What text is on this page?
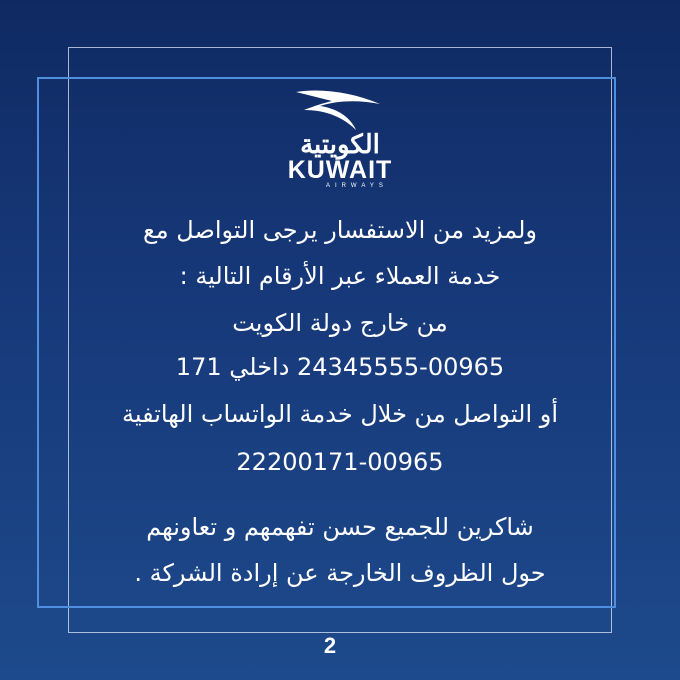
الكويتية
KUWAIT
AIRWAYS
ولمزيد من الاستفسار يرجى التواصل مع
خدمة العملاء عبر الأرقام التالية :
من خارج دولة الكويت
24345555-00965 داخلي 171
أو التواصل من خلال خدمة الواتساب الهاتفية
22200171-00965
شاكرين للجميع حسن تفهمهم و تعاونهم
حول الظروف الخارجة عن إرادة الشركة .
2
